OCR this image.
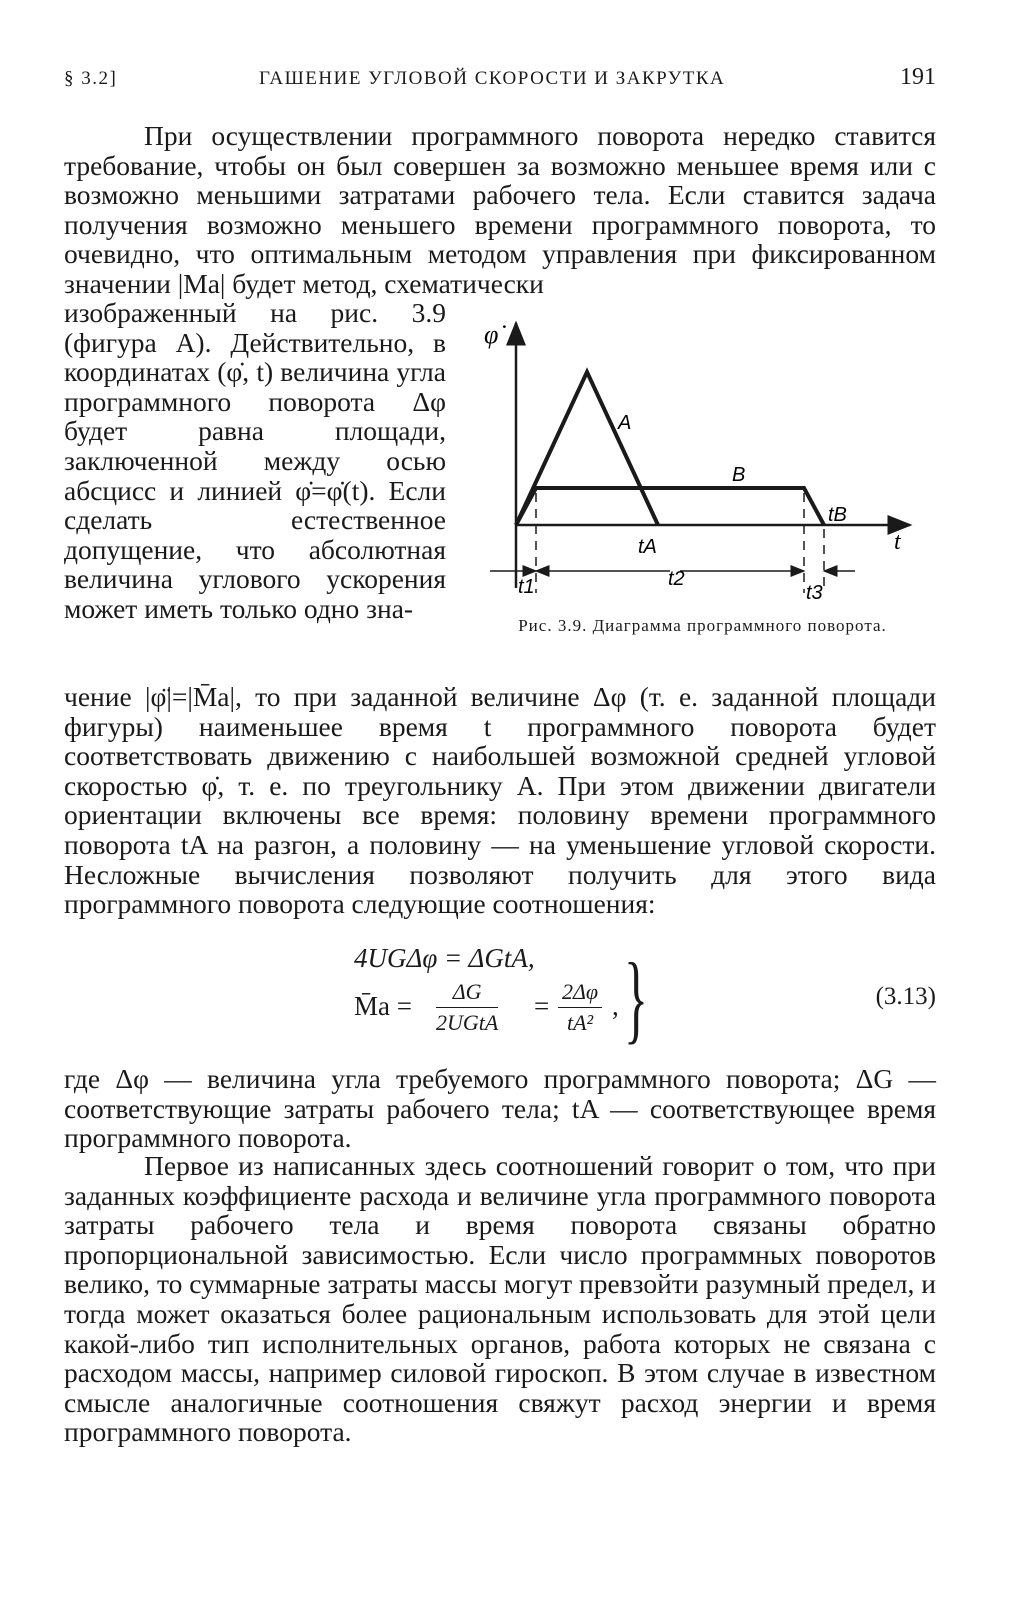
§ 3.2]	ГАШЕНИЕ УГЛОВОЙ СКОРОСТИ И ЗАКРУТКА	191

При осуществлении программного поворота нередко ставится требование, чтобы он был совершен за возможно меньшее время или с возможно меньшими затратами рабочего тела. Если ставится задача получения возможно меньшего времени программного поворота, то очевидно, что оптимальным методом управления при фиксированном значении |Mа| будет метод, схематически

изображенный на рис. 3.9 (фигура A). Действительно, в координатах (φ̇, t) величина угла программного поворота Δφ будет равна площади, заключенной между осью абсцисс и линией φ̇=φ̇(t). Если сделать естественное допущение, что абсолютная величина углового ускорения может иметь только одно зна-

φ̇
t
A
B
tB
tA
t1	t2
t3
Рис. 3.9. Диаграмма программного поворота.

чение |φ̈|=|M̄а|, то при заданной величине Δφ (т. е. заданной площади фигуры) наименьшее время t программного поворота будет соответствовать движению с наибольшей возможной средней угловой скоростью φ̇, т. е. по треугольнику A. При этом движении двигатели ориентации включены все время: половину времени программного поворота tA на разгон, а половину — на уменьшение угловой скорости. Несложные вычисления позволяют получить для этого вида программного поворота следующие соотношения:

4UGΔφ = ΔGtA,
M̄а =	ΔG
2UGtA
= $\frac{2\Delta\varphi}{\text{tA²}}$ , }	(3.13)

где Δφ — величина угла требуемого программного поворота; ΔG — соответствующие затраты рабочего тела; tA — соответствующее время программного поворота.

Первое из написанных здесь соотношений говорит о том, что при заданных коэффициенте расхода и величине угла программного поворота затраты рабочего тела и время поворота связаны обратно пропорциональной зависимостью. Если число программных поворотов велико, то суммарные затраты массы могут превзойти разумный предел, и тогда может оказаться более рациональным использовать для этой цели какой-либо тип исполнительных органов, работа которых не связана с расходом массы, например силовой гироскоп. В этом случае в известном смысле аналогичные соотношения свяжут расход энергии и время программного поворота.
